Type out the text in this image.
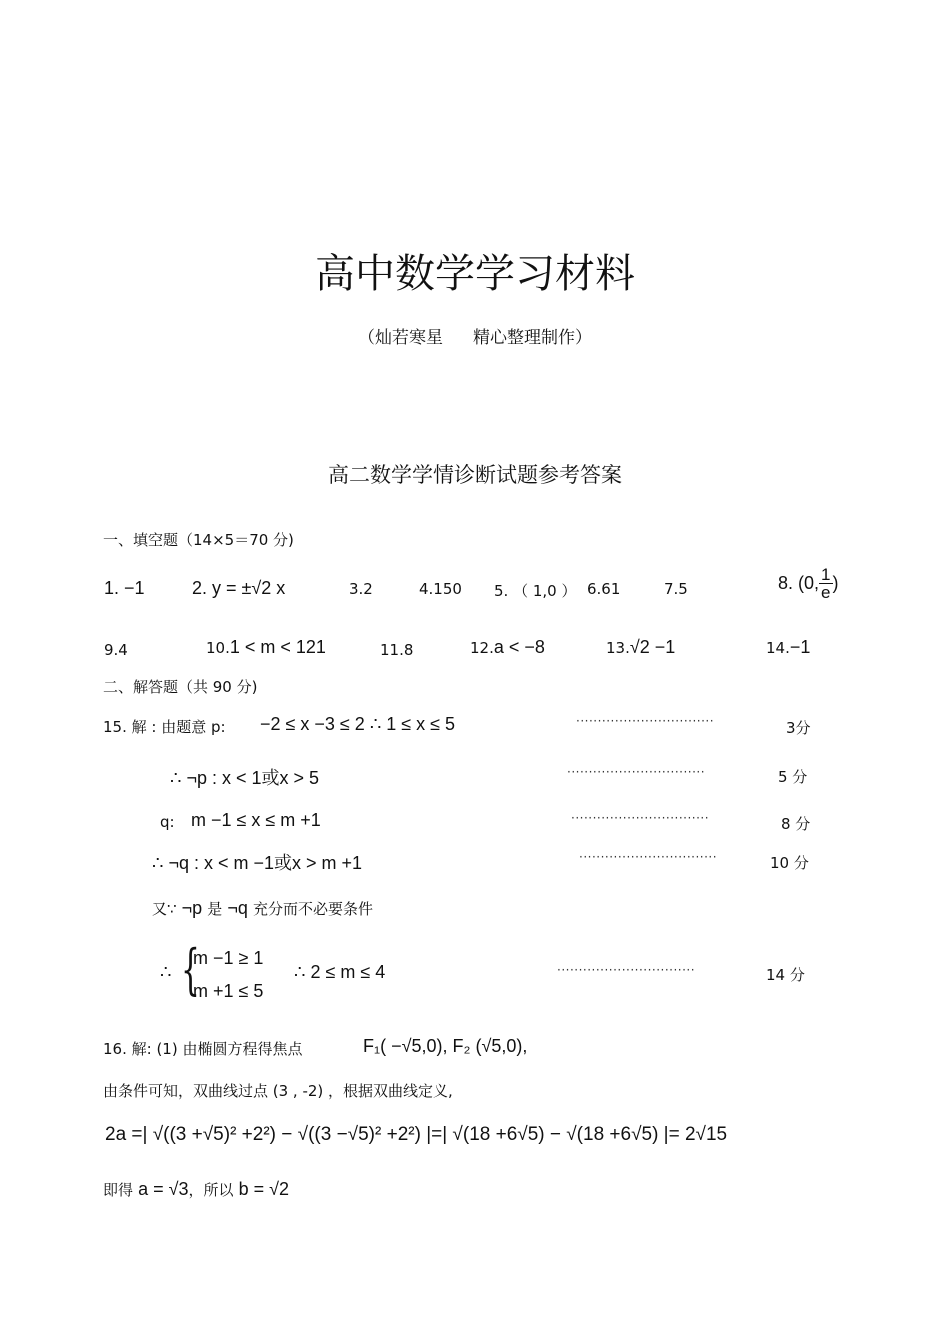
高中数学学习材料
（灿若寒星 精心整理制作）
高二数学学情诊断试题参考答案
一、填空题（14×5＝70 分)
1. −1	2. y = ±√2 x	3.2	4.150 5. （ 1,0 ） 6.61	7.5	8. (0, $\frac{1}{e}$ )
9.4	10.1 < m < 121	11.8	12.a < −8	13.√2 −1	14.−1
二、解答题（共 90 分)
15. 解 : 由题意 p: −2 ≤ x −3 ≤ 2 ∴ 1 ≤ x ≤ 5	································	3分
∴ ¬p : x < 1或x > 5	································	5 分
q: m −1 ≤ x ≤ m +1	································	8 分
∴ ¬q : x < m −1或x > m +1	································	10 分
又∵ ¬p 是 ¬q 充分而不必要条件
∴ {
m −1 ≥ 1
m +1 ≤ 5
∴ 2 ≤ m ≤ 4	································	14 分
16. 解: (1) 由椭圆方程得焦点	F₁( −√5,0), F₂ (√5,0),
由条件可知，双曲线过点 (3 , -2) ，根据双曲线定义,
2a =| √((3 +√5)² +2²) − √((3 −√5)² +2²) |=| √(18 +6√5) − √(18 +6√5) |= 2√15
即得 a = √3，所以 b = √2
